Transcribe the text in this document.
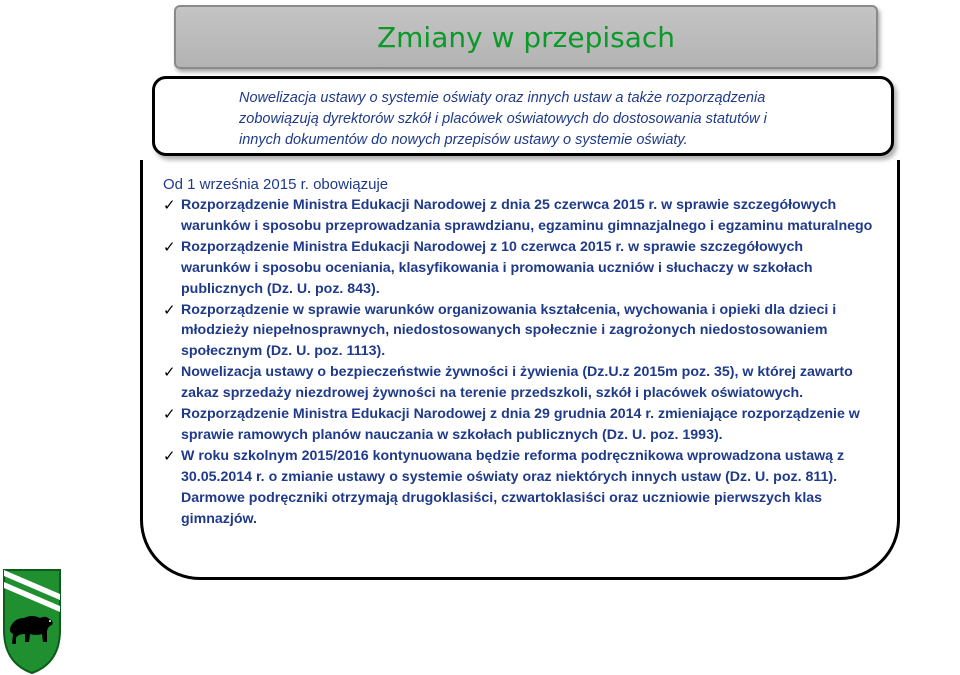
Zmiany w przepisach
Nowelizacja ustawy o systemie oświaty oraz innych ustaw a także rozporządzenia zobowiązują dyrektorów szkół i placówek oświatowych do dostosowania statutów i innych dokumentów do nowych przepisów ustawy o systemie oświaty.
Od 1 września 2015 r. obowiązuje
✓ Rozporządzenie Ministra Edukacji Narodowej z dnia 25 czerwca 2015 r. w sprawie szczegółowych warunków i sposobu przeprowadzania sprawdzianu, egzaminu gimnazjalnego i egzaminu maturalnego
✓ Rozporządzenie Ministra Edukacji Narodowej z 10 czerwca 2015 r. w sprawie szczegółowych warunków i sposobu oceniania, klasyfikowania i promowania uczniów i słuchaczy w szkołach publicznych (Dz. U. poz. 843).
✓ Rozporządzenie w sprawie warunków organizowania kształcenia, wychowania i opieki dla dzieci i młodzieży niepełnosprawnych, niedostosowanych społecznie i zagrożonych niedostosowaniem społecznym (Dz. U. poz. 1113).
✓ Nowelizacja ustawy o bezpieczeństwie żywności i żywienia (Dz.U.z 2015m poz. 35), w której zawarto zakaz sprzedaży niezdrowej żywności na terenie przedszkoli, szkół i placówek oświatowych.
✓ Rozporządzenie Ministra Edukacji Narodowej z dnia 29 grudnia 2014 r. zmieniające rozporządzenie w sprawie ramowych planów nauczania w szkołach publicznych (Dz. U. poz. 1993).
✓ W roku szkolnym 2015/2016 kontynuowana będzie reforma podręcznikowa wprowadzona ustawą z 30.05.2014 r. o zmianie ustawy o systemie oświaty oraz niektórych innych ustaw (Dz. U. poz. 811). Darmowe podręczniki otrzymają drugoklasiści, czwartoklasiści oraz uczniowie pierwszych klas gimnazjów.
